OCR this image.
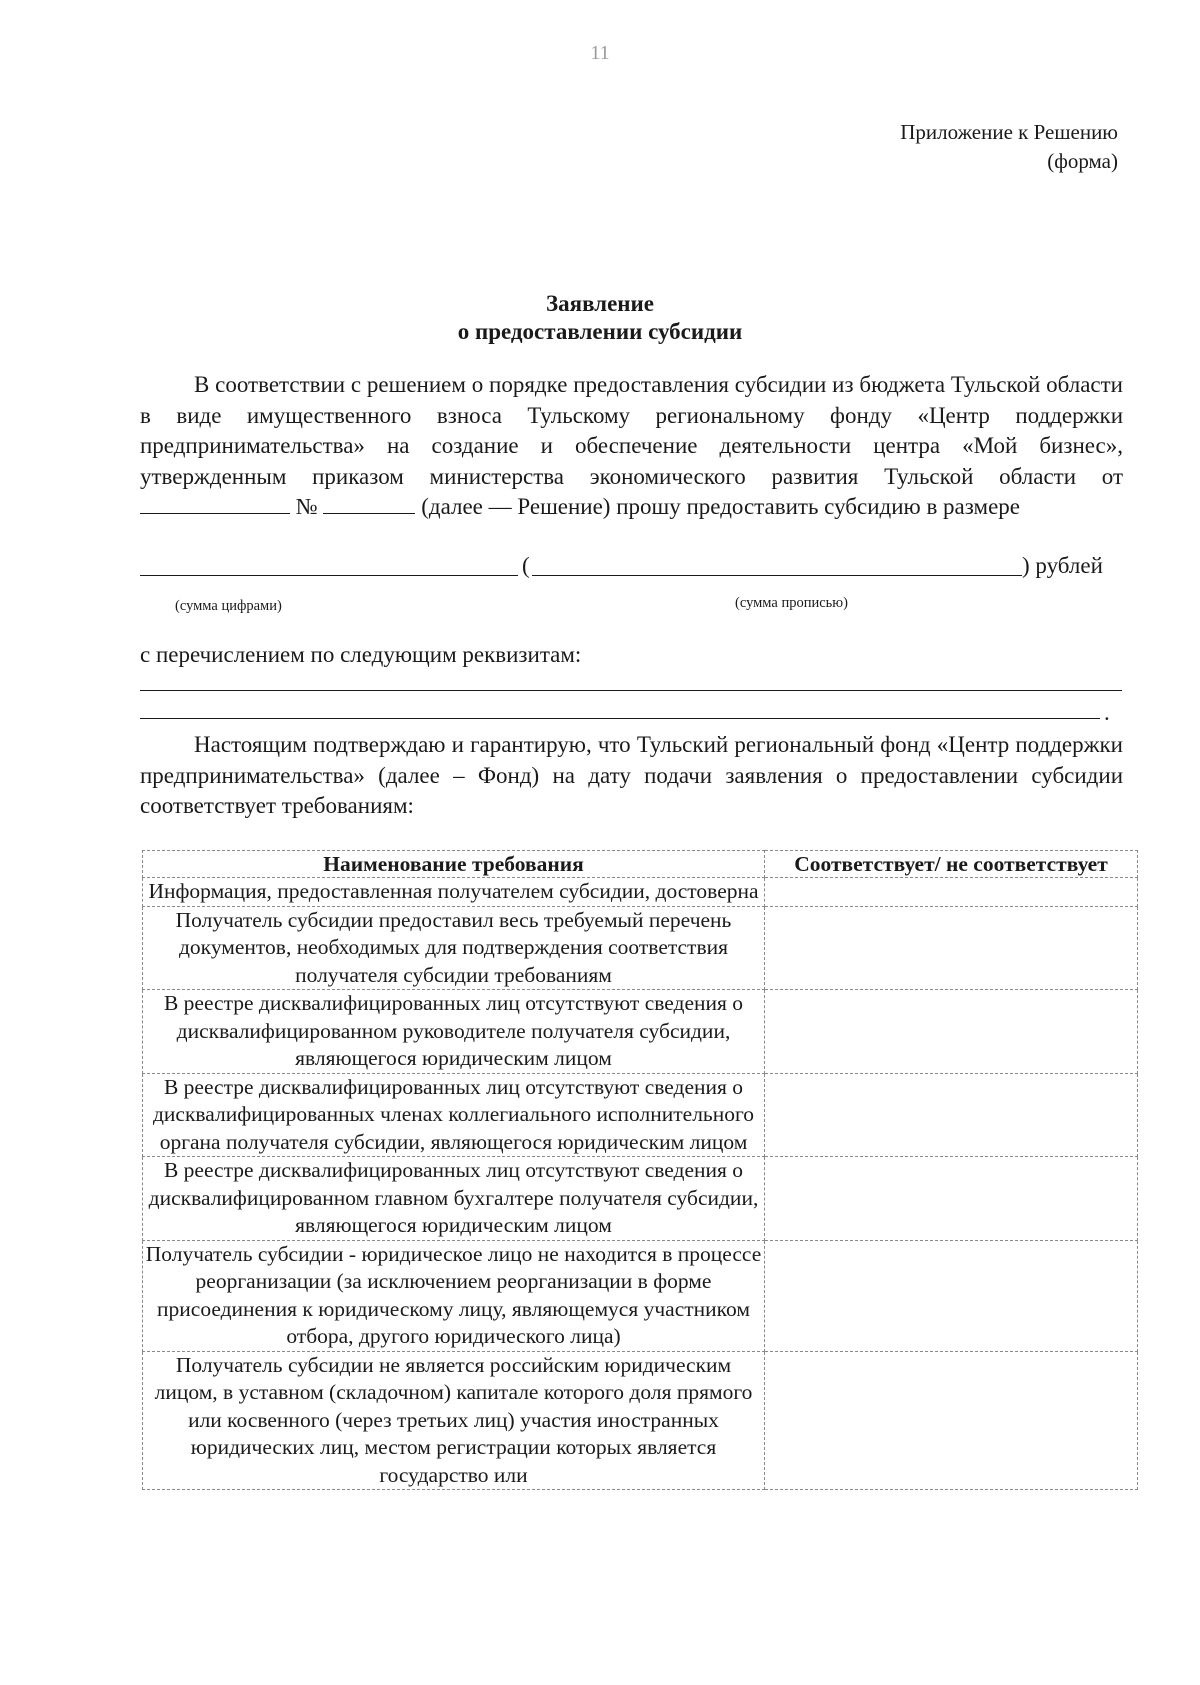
11
Приложение к Решению
(форма)
Заявление
о предоставлении субсидии
В соответствии с решением о порядке предоставления субсидии из бюджета Тульской области в виде имущественного взноса Тульскому региональному фонду «Центр поддержки предпринимательства» на создание и обеспечение деятельности центра «Мой бизнес», утвержденным приказом министерства экономического развития Тульской области от  №	(далее — Решение) прошу предоставить субсидию в размере
(	) рублей
(сумма цифрами)	(сумма прописью)
с перечислением по следующим реквизитам:
.
Настоящим подтверждаю и гарантирую, что Тульский региональный фонд «Центр поддержки предпринимательства» (далее – Фонд) на дату подачи заявления о предоставлении субсидии соответствует требованиям:
Наименование требования	Соответствует/ не соответствует
Информация, предоставленная получателем субсидии, достоверна	
Получатель субсидии предоставил весь требуемый перечень документов, необходимых для подтверждения соответствия получателя субсидии требованиям	
В реестре дисквалифицированных лиц отсутствуют сведения о дисквалифицированном руководителе получателя субсидии, являющегося юридическим лицом	
В реестре дисквалифицированных лиц отсутствуют сведения о дисквалифицированных членах коллегиального исполнительного органа получателя субсидии, являющегося юридическим лицом	
В реестре дисквалифицированных лиц отсутствуют сведения о дисквалифицированном главном бухгалтере получателя субсидии, являющегося юридическим лицом	
Получатель субсидии - юридическое лицо не находится в процессе реорганизации (за исключением реорганизации в форме присоединения к юридическому лицу, являющемуся участником отбора, другого юридического лица)	
Получатель субсидии не является российским юридическим лицом, в уставном (складочном) капитале которого доля прямого или косвенного (через третьих лиц) участия иностранных юридических лиц, местом регистрации которых является государство или	
